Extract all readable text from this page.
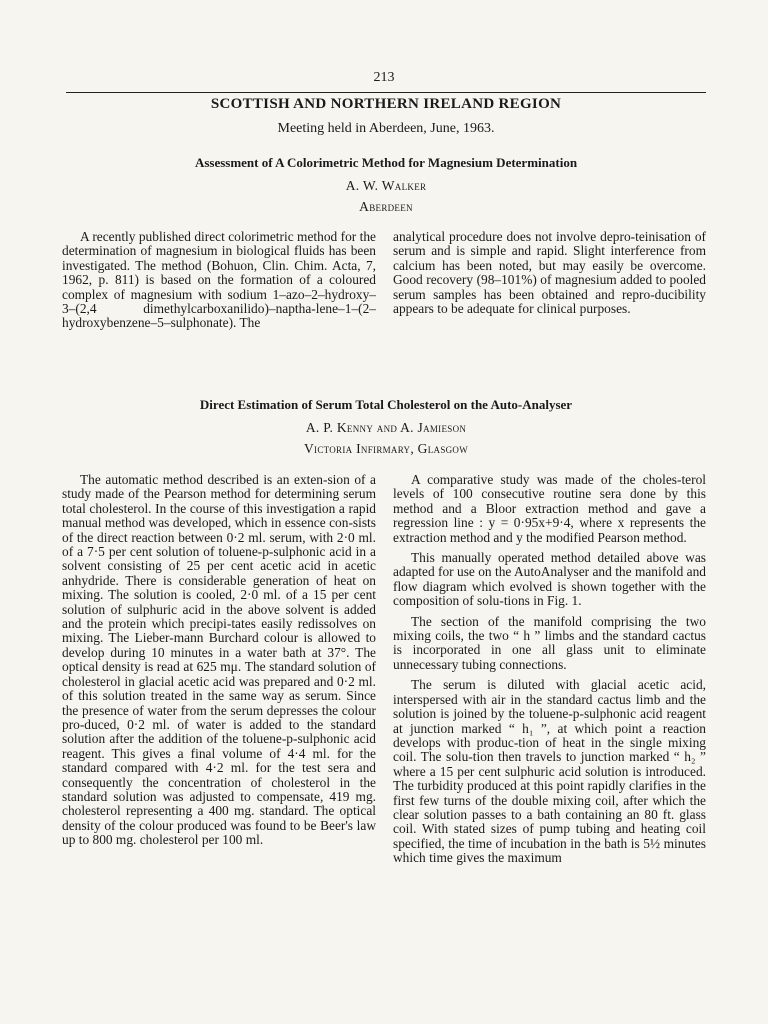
213
SCOTTISH AND NORTHERN IRELAND REGION
Meeting held in Aberdeen, June, 1963.
Assessment of A Colorimetric Method for Magnesium Determination
A. W. Walker
Aberdeen

A recently published direct colorimetric method for the determination of magnesium in biological fluids has been investigated. The method (Bohuon, Clin. Chim. Acta, 7, 1962, p. 811) is based on the formation of a coloured complex of magnesium with sodium 1–azo–2–hydroxy–3–(2,4 dimethylcarboxanilido)–naptha-lene–1–(2–hydroxybenzene–5–sulphonate). The

analytical procedure does not involve depro-teinisation of serum and is simple and rapid. Slight interference from calcium has been noted, but may easily be overcome. Good recovery (98–101%) of magnesium added to pooled serum samples has been obtained and repro-ducibility appears to be adequate for clinical purposes.

Direct Estimation of Serum Total Cholesterol on the Auto-Analyser
A. P. Kenny and A. Jamieson
Victoria Infirmary, Glasgow

The automatic method described is an exten-sion of a study made of the Pearson method for determining serum total cholesterol. In the course of this investigation a rapid manual method was developed, which in essence con-sists of the direct reaction between 0·2 ml. serum, with 2·0 ml. of a 7·5 per cent solution of toluene-p-sulphonic acid in a solvent consisting of 25 per cent acetic acid in acetic anhydride. There is considerable generation of heat on mixing. The solution is cooled, 2·0 ml. of a 15 per cent solution of sulphuric acid in the above solvent is added and the protein which precipi-tates easily redissolves on mixing. The Lieber-mann Burchard colour is allowed to develop during 10 minutes in a water bath at 37°. The optical density is read at 625 mμ. The standard solution of cholesterol in glacial acetic acid was prepared and 0·2 ml. of this solution treated in the same way as serum. Since the presence of water from the serum depresses the colour pro-duced, 0·2 ml. of water is added to the standard solution after the addition of the toluene-p-sulphonic acid reagent. This gives a final volume of 4·4 ml. for the standard compared with 4·2 ml. for the test sera and consequently the concentration of cholesterol in the standard solution was adjusted to compensate, 419 mg. cholesterol representing a 400 mg. standard. The optical density of the colour produced was found to be Beer's law up to 800 mg. cholesterol per 100 ml.

A comparative study was made of the choles-terol levels of 100 consecutive routine sera done by this method and a Bloor extraction method and gave a regression line : y = 0·95x+9·4, where x represents the extraction method and y the modified Pearson method.

This manually operated method detailed above was adapted for use on the AutoAnalyser and the manifold and flow diagram which evolved is shown together with the composition of solu-tions in Fig. 1.

The section of the manifold comprising the two mixing coils, the two “ h ” limbs and the standard cactus is incorporated in one all glass unit to eliminate unnecessary tubing connections.

The serum is diluted with glacial acetic acid, interspersed with air in the standard cactus limb and the solution is joined by the toluene-p-sulphonic acid reagent at junction marked “ h₁ ”, at which point a reaction develops with produc-tion of heat in the single mixing coil. The solu-tion then travels to junction marked “ h₂ ” where a 15 per cent sulphuric acid solution is introduced. The turbidity produced at this point rapidly clarifies in the first few turns of the double mixing coil, after which the clear solution passes to a bath containing an 80 ft. glass coil. With stated sizes of pump tubing and heating coil specified, the time of incubation in the bath is 5½ minutes which time gives the maximum
